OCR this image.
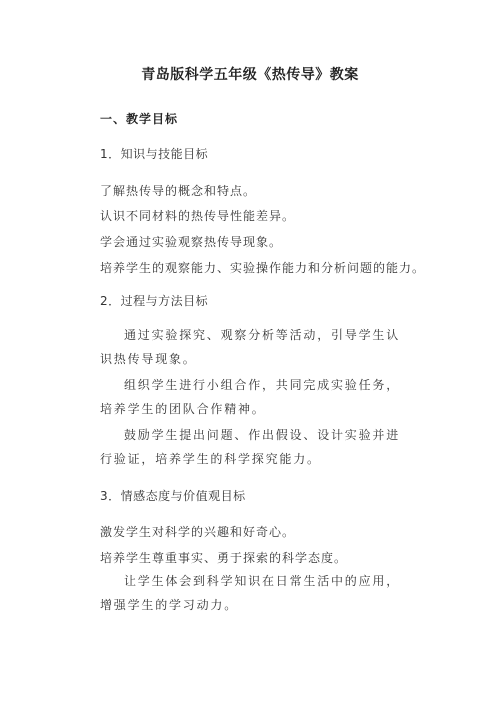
青岛版科学五年级《热传导》教案
一、教学目标
1．知识与技能目标
了解热传导的概念和特点。
认识不同材料的热传导性能差异。
学会通过实验观察热传导现象。
培养学生的观察能力、实验操作能力和分析问题的能力。
2．过程与方法目标
通过实验探究、观察分析等活动，引导学生认识热传导现象。
组织学生进行小组合作，共同完成实验任务，培养学生的团队合作精神。
鼓励学生提出问题、作出假设、设计实验并进行验证，培养学生的科学探究能力。
3．情感态度与价值观目标
激发学生对科学的兴趣和好奇心。
培养学生尊重事实、勇于探索的科学态度。
让学生体会到科学知识在日常生活中的应用，增强学生的学习动力。
